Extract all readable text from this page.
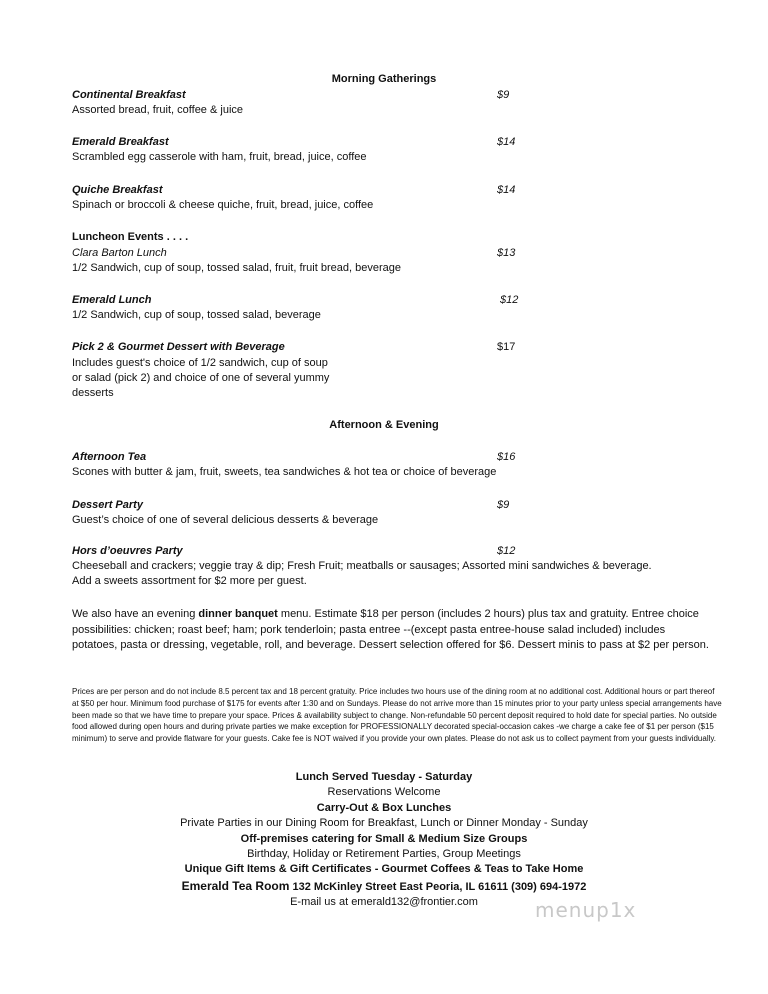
Morning Gatherings
Continental Breakfast	$9
Assorted bread, fruit, coffee & juice
Emerald Breakfast	$14
Scrambled egg casserole with ham, fruit, bread, juice, coffee
Quiche Breakfast	$14
Spinach or broccoli & cheese quiche, fruit, bread, juice, coffee
Luncheon Events . . . .
Clara Barton Lunch	$13
1/2 Sandwich, cup of soup, tossed salad, fruit, fruit bread, beverage
Emerald Lunch	$12
1/2 Sandwich, cup of soup, tossed salad, beverage
Pick 2 & Gourmet Dessert with Beverage	$17
Includes guest's choice of 1/2 sandwich, cup of soup
or salad (pick 2) and choice of one of several yummy
desserts
Afternoon & Evening
Afternoon Tea	$16
Scones with butter & jam, fruit, sweets, tea sandwiches & hot tea or choice of beverage
Dessert Party	$9
Guest’s choice of one of several delicious desserts & beverage
Hors d’oeuvres Party	$12
Cheeseball and crackers; veggie tray & dip; Fresh Fruit; meatballs or sausages; Assorted mini sandwiches & beverage.
Add a sweets assortment for $2 more per guest.
We also have an evening dinner banquet menu. Estimate $18 per person (includes 2 hours) plus tax and gratuity. Entree choice possibilities: chicken; roast beef; ham; pork tenderloin; pasta entree --(except pasta entree-house salad included) includes potatoes, pasta or dressing, vegetable, roll, and beverage. Dessert selection offered for $6. Dessert minis to pass at $2 per person.
Prices are per person and do not include 8.5 percent tax and 18 percent gratuity. Price includes two hours use of the dining room at no additional cost. Additional hours or part thereof at $50 per hour. Minimum food purchase of $175 for events after 1:30 and on Sundays. Please do not arrive more than 15 minutes prior to your party unless special arrangements have been made so that we have time to prepare your space. Prices & availability subject to change. Non-refundable 50 percent deposit required to hold date for special parties. No outside food allowed during open hours and during private parties we make exception for PROFESSIONALLY decorated special-occasion cakes -we charge a cake fee of $1 per person ($15 minimum) to serve and provide flatware for your guests. Cake fee is NOT waived if you provide your own plates. Please do not ask us to collect payment from your guests individually.
Lunch Served Tuesday - Saturday
Reservations Welcome
Carry-Out & Box Lunches
Private Parties in our Dining Room for Breakfast, Lunch or Dinner Monday - Sunday
Off-premises catering for Small & Medium Size Groups
Birthday, Holiday or Retirement Parties, Group Meetings
Unique Gift Items & Gift Certificates - Gourmet Coffees & Teas to Take Home
Emerald Tea Room 132 McKinley Street East Peoria, IL 61611 (309) 694-1972
E-mail us at emerald132@frontier.com	menup1x
